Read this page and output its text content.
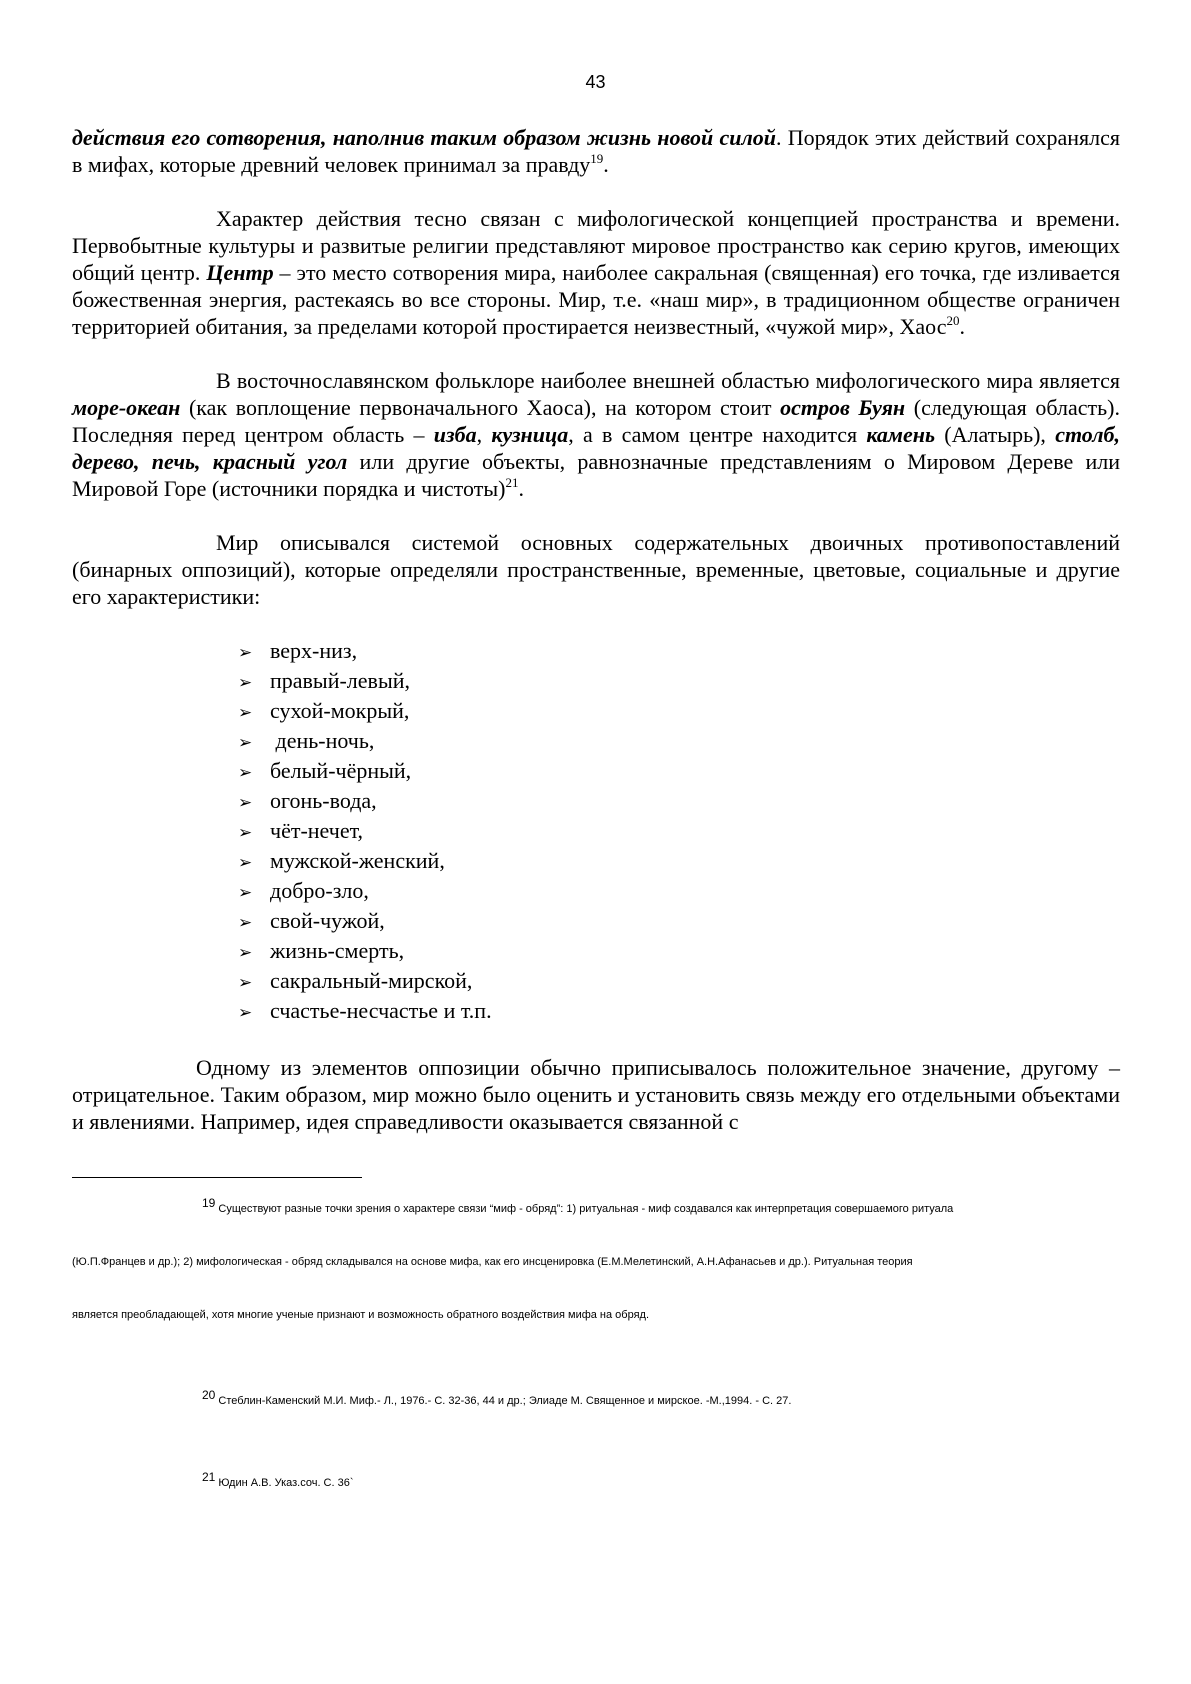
43

действия его сотворения, наполнив таким образом жизнь новой силой. Порядок этих действий сохранялся в мифах, которые древний человек принимал за правду$^{19}$.

Характер действия тесно связан с мифологической концепцией пространства и времени. Первобытные культуры и развитые религии представляют мировое пространство как серию кругов, имеющих общий центр. Центр – это место сотворения мира, наиболее сакральная (священная) его точка, где изливается божественная энергия, растекаясь во все стороны. Мир, т.е. «наш мир», в традиционном обществе ограничен территорией обитания, за пределами которой простирается неизвестный, «чужой мир», Хаос$^{20}$.

В восточнославянском фольклоре наиболее внешней областью мифологического мира является море-океан (как воплощение первоначального Хаоса), на котором стоит остров Буян (следующая область). Последняя перед центром область – изба, кузница, а в самом центре находится камень (Алатырь), столб, дерево, печь, красный угол или другие объекты, равнозначные представлениям о Мировом Дереве или Мировой Горе (источники порядка и чистоты)$^{21}$.

Мир описывался системой основных содержательных двоичных противопоставлений (бинарных оппозиций), которые определяли пространственные, временные, цветовые, социальные и другие его характеристики:

➢ верх-низ,
➢ правый-левый,
➢ сухой-мокрый,
➢ день-ночь,
➢ белый-чёрный,
➢ огонь-вода,
➢ чёт-нечет,
➢ мужской-женский,
➢ добро-зло,
➢ свой-чужой,
➢ жизнь-смерть,
➢ сакральный-мирской,
➢ счастье-несчастье и т.п.

Одному из элементов оппозиции обычно приписывалось положительное значение, другому – отрицательное. Таким образом, мир можно было оценить и установить связь между его отдельными объектами и явлениями. Например, идея справедливости оказывается связанной с

19 Существуют разные точки зрения о характере связи “миф - обряд”: 1) ритуальная - миф создавался как интерпретация совершаемого ритуала
(Ю.П.Францев и др.); 2) мифологическая - обряд складывался на основе мифа, как его инсценировка (Е.М.Мелетинский, А.Н.Афанасьев и др.). Ритуальная теория
является преобладающей, хотя многие ученые признают и возможность обратного воздействия мифа на обряд.
20 Стеблин-Каменский М.И. Миф.- Л., 1976.- С. 32-36, 44 и др.; Элиаде М. Священное и мирское. -М.,1994. - С. 27.
21 Юдин А.В. Указ.соч. С. 36`
